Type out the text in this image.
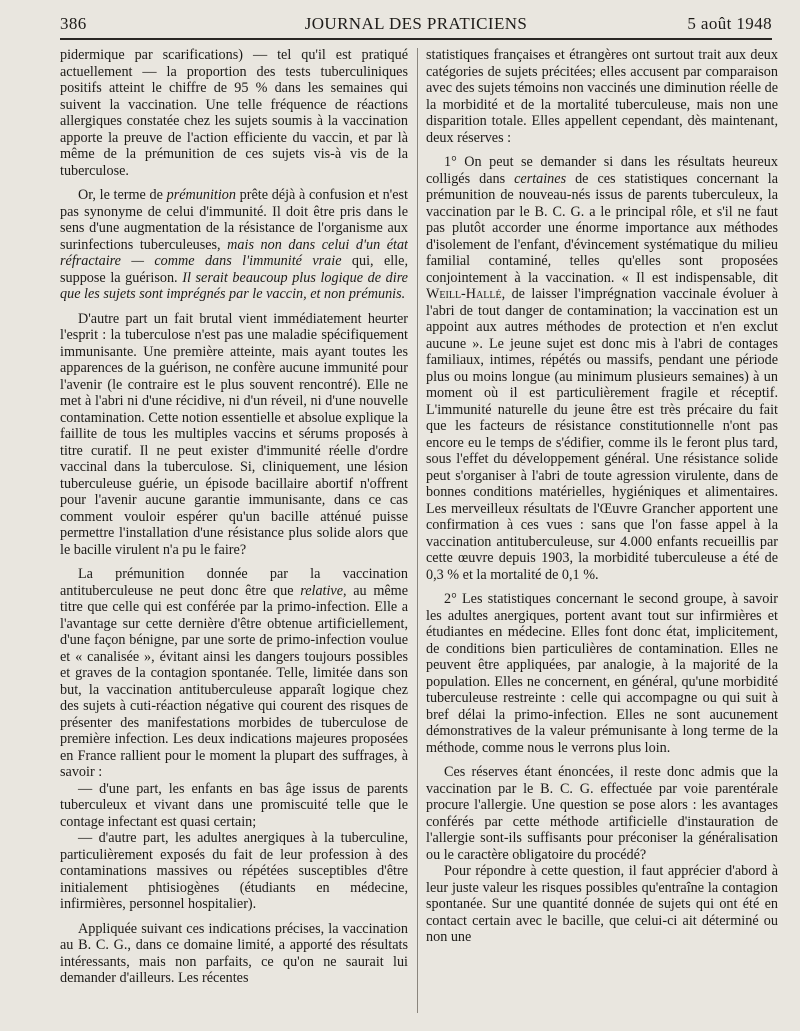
386	JOURNAL DES PRATICIENS	5 août 1948

pidermique par scarifications) — tel qu'il est pratiqué actuellement — la proportion des tests tuberculiniques positifs atteint le chiffre de 95 % dans les semaines qui suivent la vaccination. Une telle fréquence de réactions allergiques constatée chez les sujets soumis à la vaccination apporte la preuve de l'action efficiente du vaccin, et par là même de la prémunition de ces sujets vis-à vis de la tuberculose.

Or, le terme de prémunition prête déjà à confusion et n'est pas synonyme de celui d'immunité. Il doit être pris dans le sens d'une augmentation de la résistance de l'organisme aux surinfections tuberculeuses, mais non dans celui d'un état réfractaire — comme dans l'immunité vraie qui, elle, suppose la guérison. Il serait beaucoup plus logique de dire que les sujets sont imprégnés par le vaccin, et non prémunis.

D'autre part un fait brutal vient immédiatement heurter l'esprit : la tuberculose n'est pas une maladie spécifiquement immunisante. Une première atteinte, mais ayant toutes les apparences de la guérison, ne confère aucune immunité pour l'avenir (le contraire est le plus souvent rencontré). Elle ne met à l'abri ni d'une récidive, ni d'un réveil, ni d'une nouvelle contamination. Cette notion essentielle et absolue explique la faillite de tous les multiples vaccins et sérums proposés à titre curatif. Il ne peut exister d'immunité réelle d'ordre vaccinal dans la tuberculose. Si, cliniquement, une lésion tuberculeuse guérie, un épisode bacillaire abortif n'offrent pour l'avenir aucune garantie immunisante, dans ce cas comment vouloir espérer qu'un bacille atténué puisse permettre l'installation d'une résistance plus solide alors que le bacille virulent n'a pu le faire?

La prémunition donnée par la vaccination antituberculeuse ne peut donc être que relative, au même titre que celle qui est conférée par la primo-infection. Elle a l'avantage sur cette dernière d'être obtenue artificiellement, d'une façon bénigne, par une sorte de primo-infection voulue et « canalisée », évitant ainsi les dangers toujours possibles et graves de la contagion spontanée. Telle, limitée dans son but, la vaccination antituberculeuse apparaît logique chez des sujets à cuti-réaction négative qui courent des risques de présenter des manifestations morbides de tuberculose de première infection. Les deux indications majeures proposées en France rallient pour le moment la plupart des suffrages, à savoir :

— d'une part, les enfants en bas âge issus de parents tuberculeux et vivant dans une promiscuité telle que le contage infectant est quasi certain;

— d'autre part, les adultes anergiques à la tuberculine, particulièrement exposés du fait de leur profession à des contaminations massives ou répétées susceptibles d'être initialement phtisiogènes (étudiants en médecine, infirmières, personnel hospitalier).

Appliquée suivant ces indications précises, la vaccination au B. C. G., dans ce domaine limité, a apporté des résultats intéressants, mais non parfaits, ce qu'on ne saurait lui demander d'ailleurs. Les récentes

statistiques françaises et étrangères ont surtout trait aux deux catégories de sujets précitées; elles accusent par comparaison avec des sujets témoins non vaccinés une diminution réelle de la morbidité et de la mortalité tuberculeuse, mais non une disparition totale. Elles appellent cependant, dès maintenant, deux réserves :

1° On peut se demander si dans les résultats heureux colligés dans certaines de ces statistiques concernant la prémunition de nouveau-nés issus de parents tuberculeux, la vaccination par le B. C. G. a le principal rôle, et s'il ne faut pas plutôt accorder une énorme importance aux méthodes d'isolement de l'enfant, d'évincement systématique du milieu familial contaminé, telles qu'elles sont proposées conjointement à la vaccination. « Il est indispensable, dit Weill-Hallé, de laisser l'imprégnation vaccinale évoluer à l'abri de tout danger de contamination; la vaccination est un appoint aux autres méthodes de protection et n'en exclut aucune ». Le jeune sujet est donc mis à l'abri de contages familiaux, intimes, répétés ou massifs, pendant une période plus ou moins longue (au minimum plusieurs semaines) à un moment où il est particulièrement fragile et réceptif. L'immunité naturelle du jeune être est très précaire du fait que les facteurs de résistance constitutionnelle n'ont pas encore eu le temps de s'édifier, comme ils le feront plus tard, sous l'effet du développement général. Une résistance solide peut s'organiser à l'abri de toute agression virulente, dans de bonnes conditions matérielles, hygiéniques et alimentaires. Les merveilleux résultats de l'Œuvre Grancher apportent une confirmation à ces vues : sans que l'on fasse appel à la vaccination antituberculeuse, sur 4.000 enfants recueillis par cette œuvre depuis 1903, la morbidité tuberculeuse a été de 0,3 % et la mortalité de 0,1 %.

2° Les statistiques concernant le second groupe, à savoir les adultes anergiques, portent avant tout sur infirmières et étudiantes en médecine. Elles font donc état, implicitement, de conditions bien particulières de contamination. Elles ne peuvent être appliquées, par analogie, à la majorité de la population. Elles ne concernent, en général, qu'une morbidité tuberculeuse restreinte : celle qui accompagne ou qui suit à bref délai la primo-infection. Elles ne sont aucunement démonstratives de la valeur prémunisante à long terme de la méthode, comme nous le verrons plus loin.

Ces réserves étant énoncées, il reste donc admis que la vaccination par le B. C. G. effectuée par voie parentérale procure l'allergie. Une question se pose alors : les avantages conférés par cette méthode artificielle d'instauration de l'allergie sont-ils suffisants pour préconiser la généralisation ou le caractère obligatoire du procédé?

Pour répondre à cette question, il faut apprécier d'abord à leur juste valeur les risques possibles qu'entraîne la contagion spontanée. Sur une quantité donnée de sujets qui ont été en contact certain avec le bacille, que celui-ci ait déterminé ou non une
